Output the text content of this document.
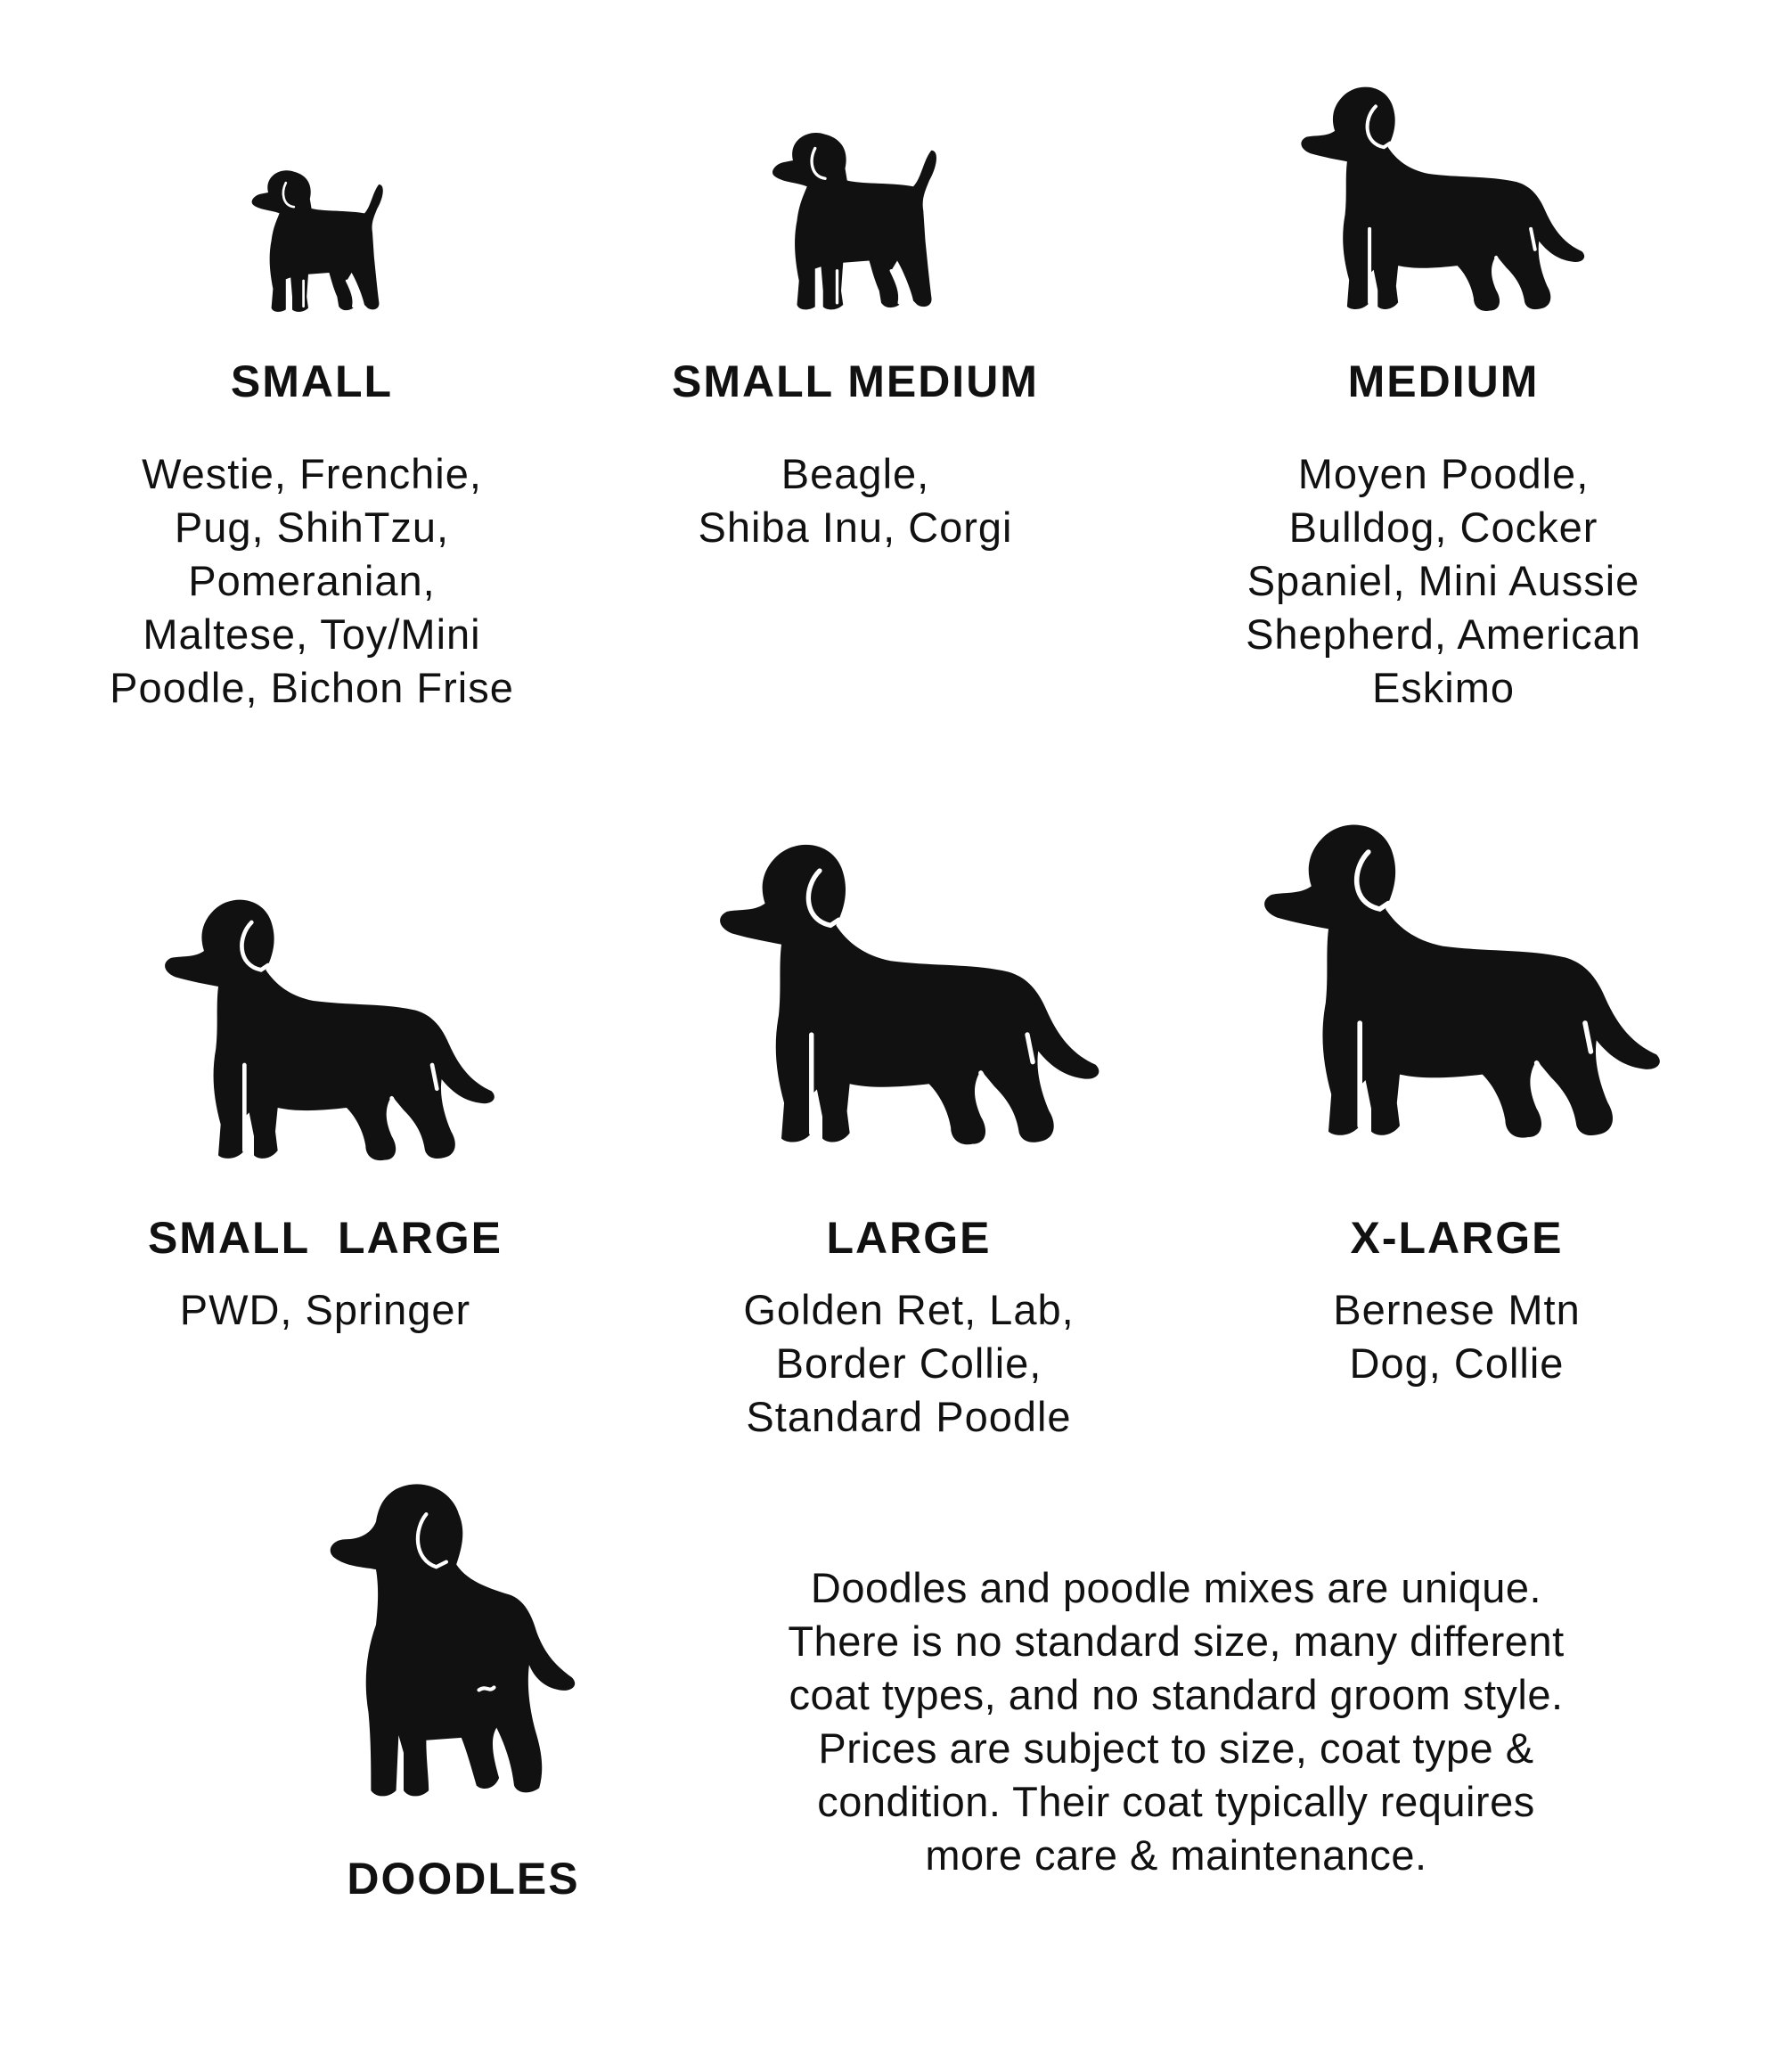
SMALL
Westie, Frenchie,
Pug, ShihTzu,
Pomeranian,
Maltese, Toy/Mini
Poodle, Bichon Frise
SMALL MEDIUM
Beagle,
Shiba Inu, Corgi
MEDIUM
Moyen Poodle,
Bulldog, Cocker
Spaniel, Mini Aussie
Shepherd, American
Eskimo
SMALL  LARGE
PWD, Springer
LARGE
Golden Ret, Lab,
Border Collie,
Standard Poodle
X-LARGE
Bernese Mtn
Dog, Collie
DOODLES
Doodles and poodle mixes are unique.
There is no standard size, many different
coat types, and no standard groom style.
Prices are subject to size, coat type &
condition. Their coat typically requires
more care & maintenance.
